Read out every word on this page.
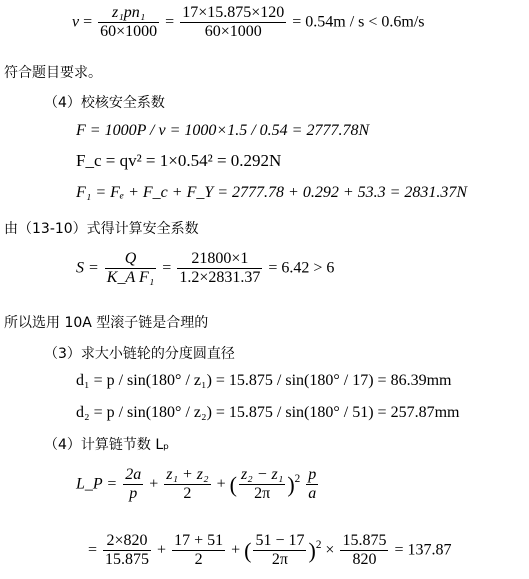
$v = \frac{\text{z₁pn₁}}{60\times 1000} = \frac{17\times 15.875\times 120}{60\times 1000} = 0.54m / s < 0.6m/s$
符合题目要求。
（4）校核安全系数
F = 1000P / v = 1000×1.5 / 0.54 = 2777.78N
F_c = qv² = 1×0.54² = 0.292N
F₁ = Fₑ + F_c + F_Y = 2777.78 + 0.292 + 53.3 = 2831.37N
由（13-10）式得计算安全系数
$S = \frac{Q}{\text{K\_A F₁}} = \frac{21800\times 1}{1.2\times 2831.37} = 6.42 > 6$
所以选用 10A 型滚子链是合理的
（3）求大小链轮的分度圆直径
d₁ = p / sin(180° / z₁) = 15.875 / sin(180° / 17) = 86.39mm
d₂ = p / sin(180° / z₂) = 15.875 / sin(180° / 51) = 257.87mm
（4）计算链节数 Lₚ
L_P = $\frac{2a}{p} + \frac{\text{z₁ + z₂}}{2}$ + ( $\frac{\text{z₂ − z₁}}{2\pi} )^2 \frac{p}{a}$
= $\frac{2\times 820}{15.875} + \frac{17 + 51}{2}$ + ( $\frac{51 - 17}{2\pi} )^2 \times \frac{15.875}{820} = 137.87$
